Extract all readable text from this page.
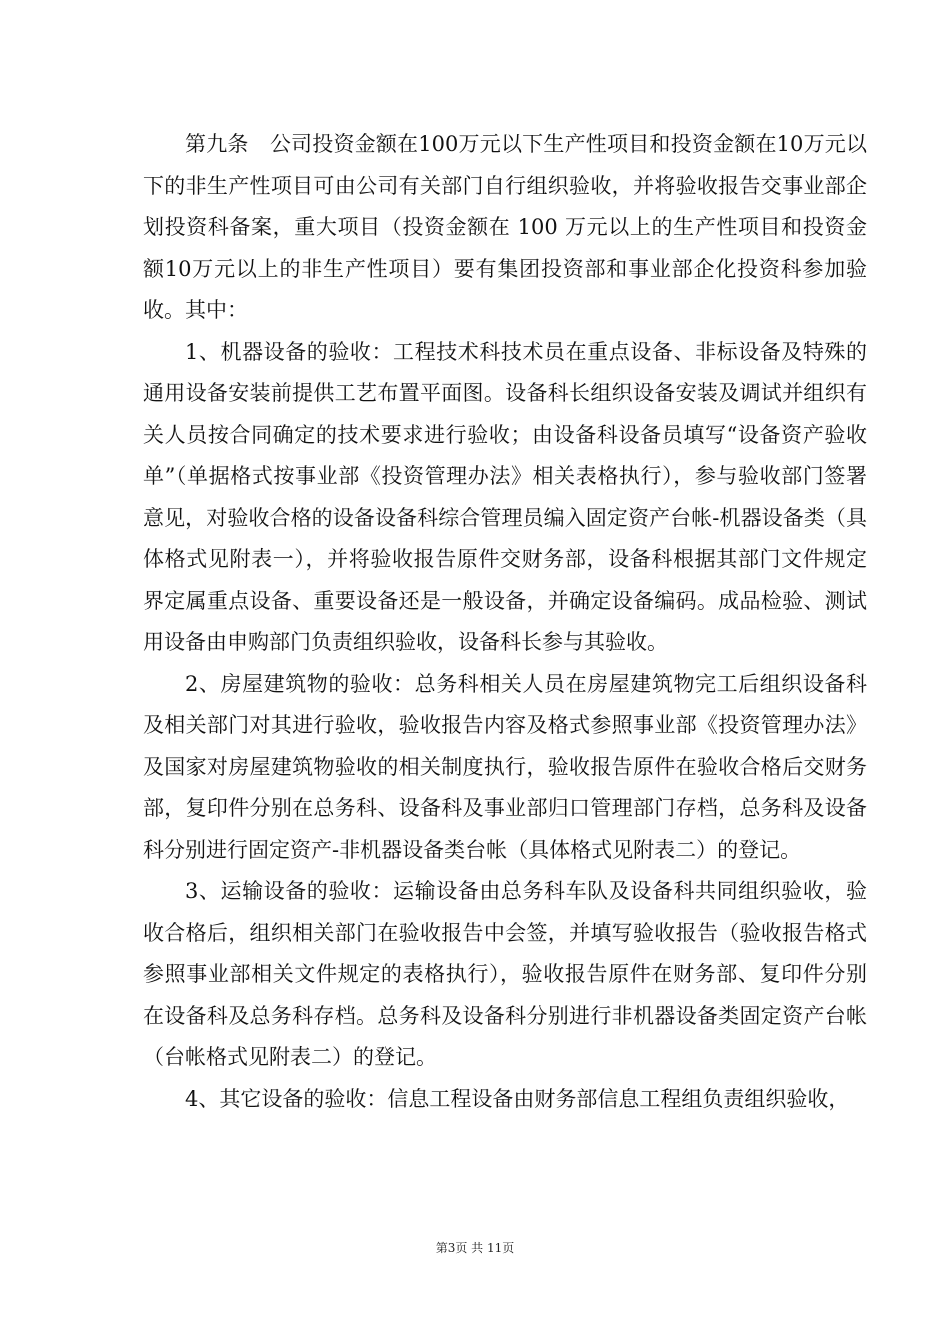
第九条　公司投资金额在100万元以下生产性项目和投资金额在10万元以下的非生产性项目可由公司有关部门自行组织验收，并将验收报告交事业部企划投资科备案，重大项目（投资金额在 100 万元以上的生产性项目和投资金额10万元以上的非生产性项目）要有集团投资部和事业部企化投资科参加验收。其中：

1、机器设备的验收：工程技术科技术员在重点设备、非标设备及特殊的通用设备安装前提供工艺布置平面图。设备科长组织设备安装及调试并组织有关人员按合同确定的技术要求进行验收；由设备科设备员填写“设备资产验收单”（单据格式按事业部《投资管理办法》相关表格执行），参与验收部门签署意见，对验收合格的设备设备科综合管理员编入固定资产台帐-机器设备类（具体格式见附表一），并将验收报告原件交财务部，设备科根据其部门文件规定界定属重点设备、重要设备还是一般设备，并确定设备编码。成品检验、测试用设备由申购部门负责组织验收，设备科长参与其验收。

2、房屋建筑物的验收：总务科相关人员在房屋建筑物完工后组织设备科及相关部门对其进行验收，验收报告内容及格式参照事业部《投资管理办法》及国家对房屋建筑物验收的相关制度执行，验收报告原件在验收合格后交财务部，复印件分别在总务科、设备科及事业部归口管理部门存档，总务科及设备科分别进行固定资产-非机器设备类台帐（具体格式见附表二）的登记。

3、运输设备的验收：运输设备由总务科车队及设备科共同组织验收，验收合格后，组织相关部门在验收报告中会签，并填写验收报告（验收报告格式参照事业部相关文件规定的表格执行），验收报告原件在财务部、复印件分别在设备科及总务科存档。总务科及设备科分别进行非机器设备类固定资产台帐（台帐格式见附表二）的登记。

4、其它设备的验收：信息工程设备由财务部信息工程组负责组织验收，

第3页 共 11页
